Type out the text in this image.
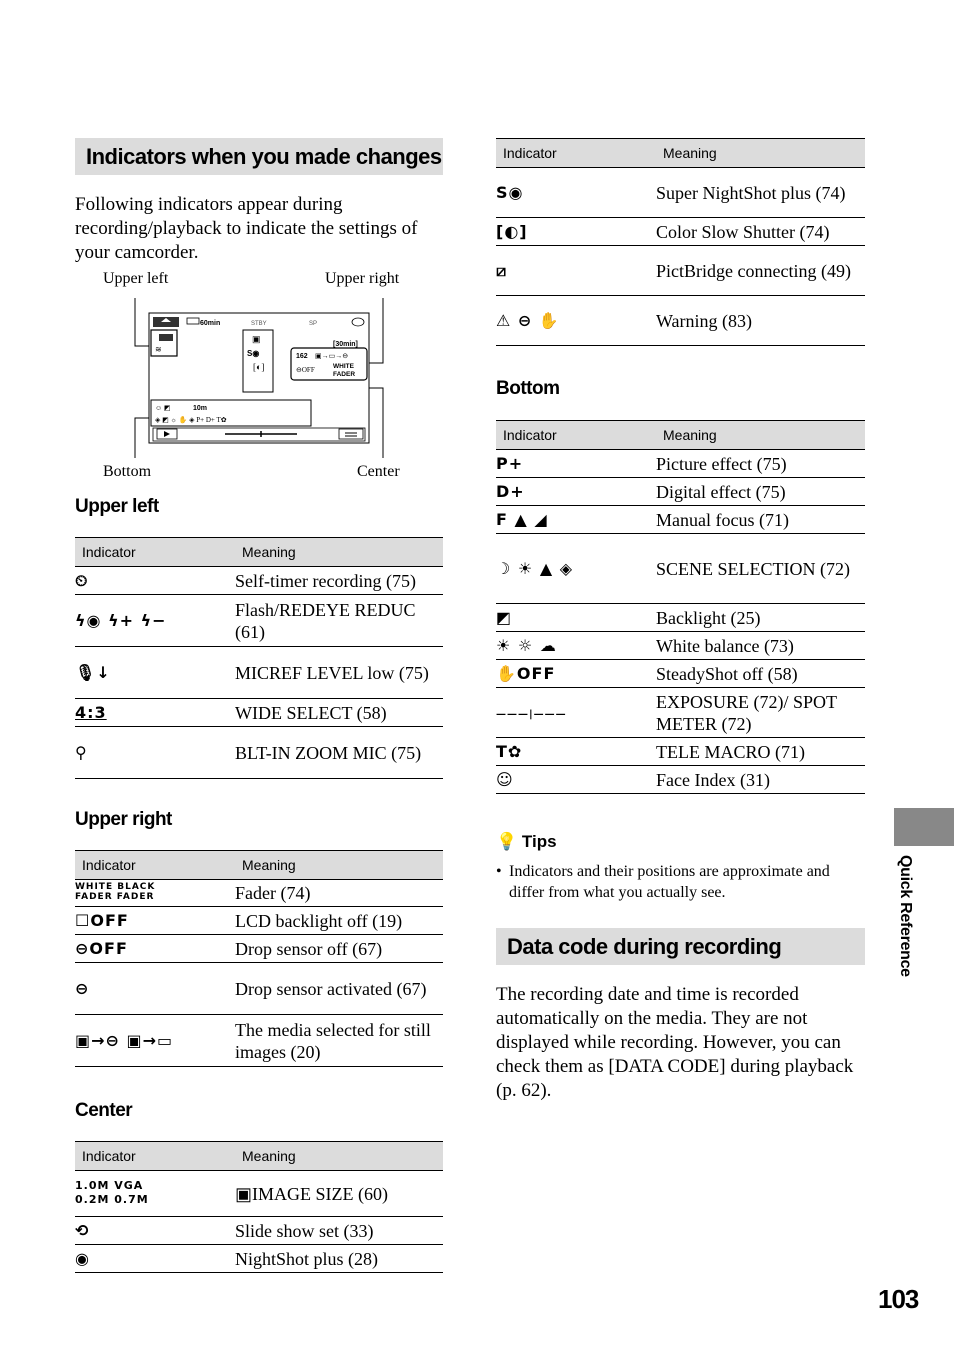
Indicators when you made changes
Following indicators appear during recording/playback to indicate the settings of your camcorder.
Upper left	Upper right
Bottom	Center
60min	STBY	SP
≋
▣
S◉
[◐]
[30min]
162 ▣→▭→⊖
⊖OFF	WHITE
FADER
☺ ◩	10m
◈ ◩ ☼ ✋ ◈ P+ D+ T✿
Upper left
Indicator	Meaning
⏲	Self-timer recording (75)
ϟ◉ ϟ+ ϟ−	Flash/REDEYE REDUC (61)
🎙↓	MICREF LEVEL low (75)
4:3	WIDE SELECT (58)
⚲	BLT-IN ZOOM MIC (75)
Upper right
Indicator	Meaning
WHITE BLACK FADER FADER	Fader (74)
☐OFF	LCD backlight off (19)
⊖OFF	Drop sensor off (67)
⊖	Drop sensor activated (67)
▣→⊖ ▣→▭	The media selected for still images (20)
Center
Indicator	Meaning
1.0M VGA 0.2M 0.7M	▣IMAGE SIZE (60)
⟲	Slide show set (33)
◉	NightShot plus (28)
Indicator	Meaning
S◉	Super NightShot plus (74)
[◐]	Color Slow Shutter (74)
⧄	PictBridge connecting (49)
⚠ ⊖ ✋	Warning (83)
Bottom
Indicator	Meaning
P+	Picture effect (75)
D+	Digital effect (75)
F ▲ ◢	Manual focus (71)
☽ ☀ ▲ ◈	SCENE SELECTION (72)
◩	Backlight (25)
☀ ☼ ☁	White balance (73)
✋OFF	SteadyShot off (58)
———|———	EXPOSURE (72)/ SPOT METER (72)
T✿	TELE MACRO (71)
☺	Face Index (31)
💡 Tips
• Indicators and their positions are approximate and differ from what you actually see.
Data code during recording
The recording date and time is recorded automatically on the media. They are not displayed while recording. However, you can check them as [DATA CODE] during playback (p. 62).
Quick Reference
103
